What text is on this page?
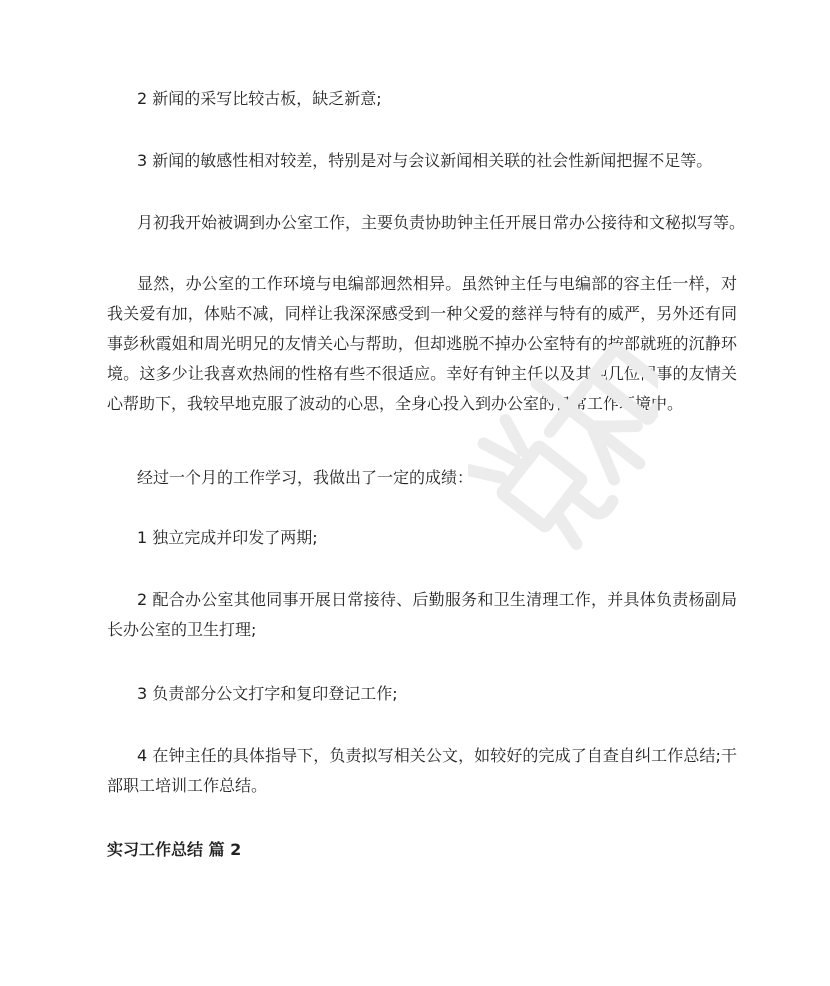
2 新闻的采写比较古板，缺乏新意;

3 新闻的敏感性相对较差，特别是对与会议新闻相关联的社会性新闻把握不足等。

月初我开始被调到办公室工作，主要负责协助钟主任开展日常办公接待和文秘拟写等。

显然，办公室的工作环境与电编部迥然相异。虽然钟主任与电编部的容主任一样，对我关爱有加，体贴不减，同样让我深深感受到一种父爱的慈祥与特有的威严，另外还有同事彭秋霞姐和周光明兄的友情关心与帮助，但却逃脱不掉办公室特有的按部就班的沉静环境。这多少让我喜欢热闹的性格有些不很适应。幸好有钟主任以及其他几位同事的友情关心帮助下，我较早地克服了波动的心思，全身心投入到办公室的日常工作环境中。

经过一个月的工作学习，我做出了一定的成绩：

1 独立完成并印发了两期;

2 配合办公室其他同事开展日常接待、后勤服务和卫生清理工作，并具体负责杨副局长办公室的卫生打理;

3 负责部分公文打字和复印登记工作;

4 在钟主任的具体指导下，负责拟写相关公文，如较好的完成了自查自纠工作总结;干部职工培训工作总结。

实习工作总结 篇 2
